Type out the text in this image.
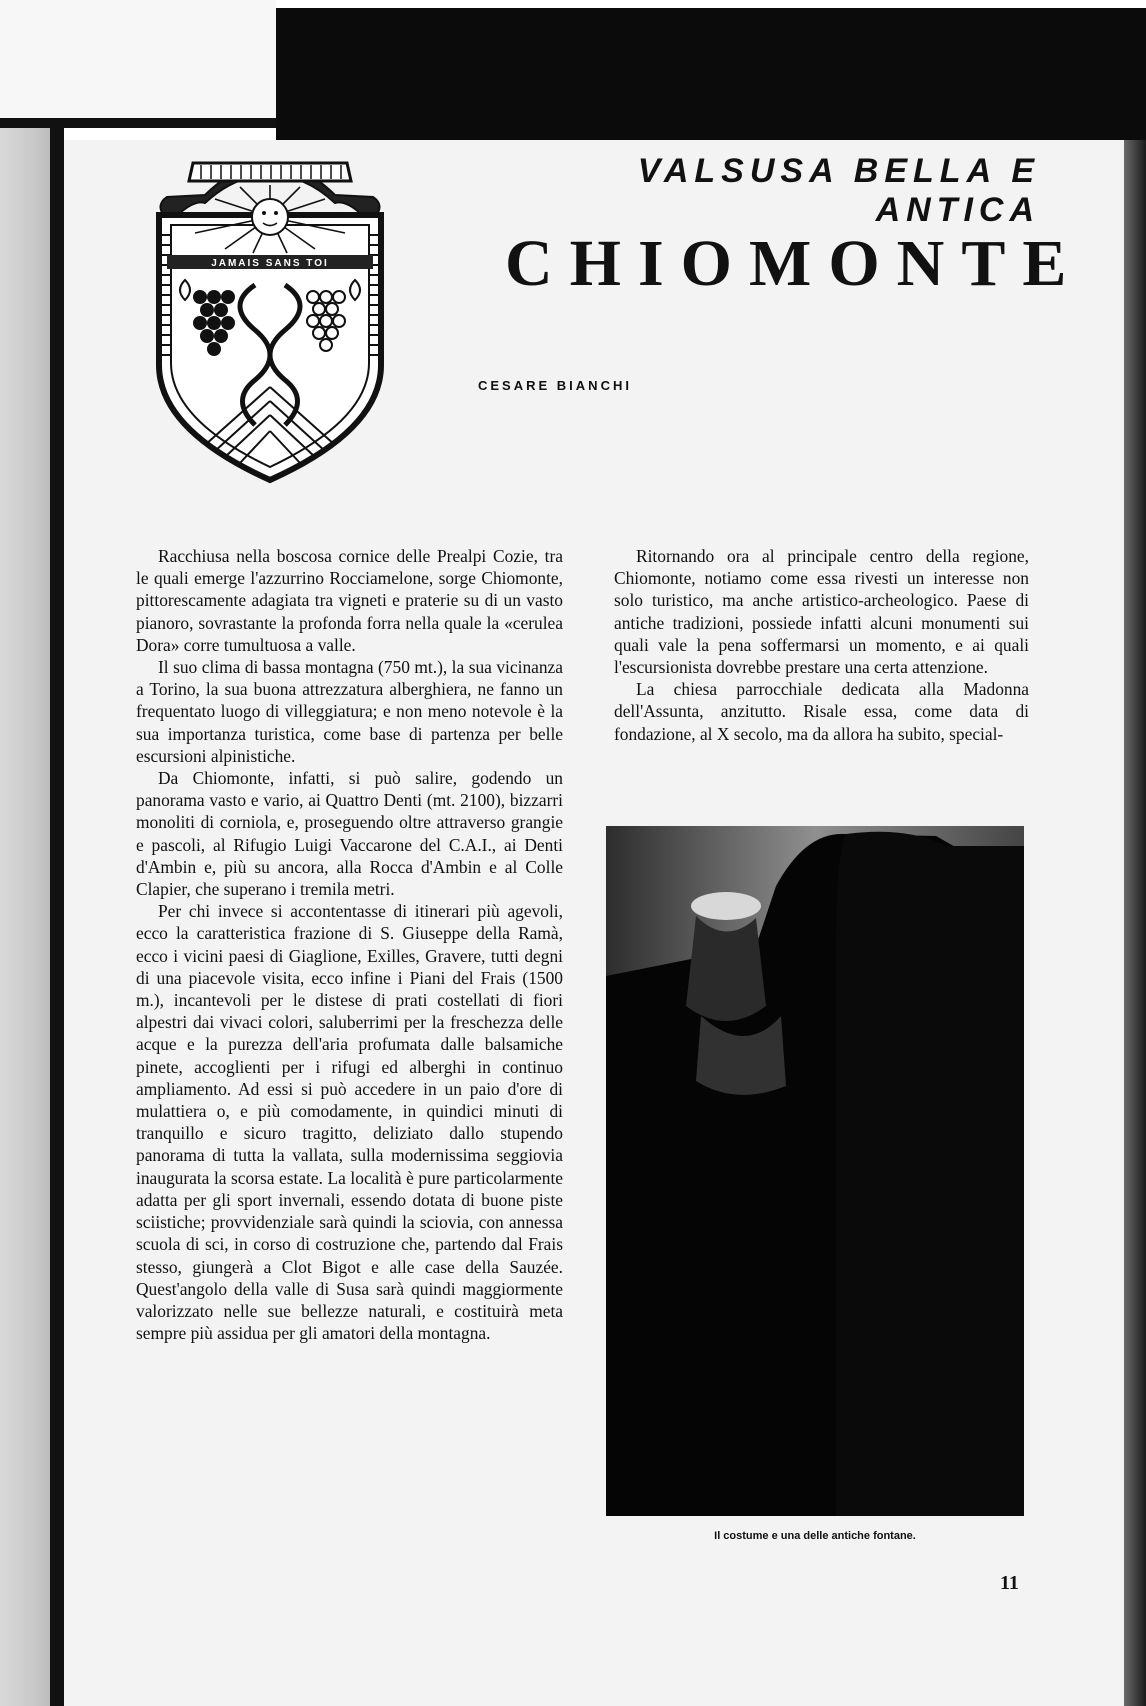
JAMAIS SANS TOI
VALSUSA BELLA E ANTICA
CHIOMONTE

CESARE BIANCHI

Racchiusa nella boscosa cornice delle Prealpi Cozie, tra le quali emerge l'azzurrino Rocciamelone, sorge Chiomonte, pittorescamente adagiata tra vigneti e praterie su di un vasto pianoro, sovrastante la profonda forra nella quale la «cerulea Dora» corre tumultuosa a valle.

Il suo clima di bassa montagna (750 mt.), la sua vicinanza a Torino, la sua buona attrezzatura alberghiera, ne fanno un frequentato luogo di villeggiatura; e non meno notevole è la sua importanza turistica, come base di partenza per belle escursioni alpinistiche.

Da Chiomonte, infatti, si può salire, godendo un panorama vasto e vario, ai Quattro Denti (mt. 2100), bizzarri monoliti di corniola, e, proseguendo oltre attraverso grangie e pascoli, al Rifugio Luigi Vaccarone del C.A.I., ai Denti d'Ambin e, più su ancora, alla Rocca d'Ambin e al Colle Clapier, che superano i tremila metri.

Per chi invece si accontentasse di itinerari più agevoli, ecco la caratteristica frazione di S. Giuseppe della Ramà, ecco i vicini paesi di Giaglione, Exilles, Gravere, tutti degni di una piacevole visita, ecco infine i Piani del Frais (1500 m.), incantevoli per le distese di prati costellati di fiori alpestri dai vivaci colori, saluberrimi per la freschezza delle acque e la purezza dell'aria profumata dalle balsamiche pinete, accoglienti per i rifugi ed alberghi in continuo ampliamento. Ad essi si può accedere in un paio d'ore di mulattiera o, e più comodamente, in quindici minuti di tranquillo e sicuro tragitto, deliziato dallo stupendo panorama di tutta la vallata, sulla modernissima seggiovia inaugurata la scorsa estate. La località è pure particolarmente adatta per gli sport invernali, essendo dotata di buone piste sciistiche; provvidenziale sarà quindi la sciovia, con annessa scuola di sci, in corso di costruzione che, partendo dal Frais stesso, giungerà a Clot Bigot e alle case della Sauzée. Quest'angolo della valle di Susa sarà quindi maggiormente valorizzato nelle sue bellezze naturali, e costituirà meta sempre più assidua per gli amatori della montagna.

Ritornando ora al principale centro della regione, Chiomonte, notiamo come essa rivesti un interesse non solo turistico, ma anche artistico-archeologico. Paese di antiche tradizioni, possiede infatti alcuni monumenti sui quali vale la pena soffermarsi un momento, e ai quali l'escursionista dovrebbe prestare una certa attenzione.

La chiesa parrocchiale dedicata alla Madonna dell'Assunta, anzitutto. Risale essa, come data di fondazione, al X secolo, ma da allora ha subito, special-

Il costume e una delle antiche fontane.

11
